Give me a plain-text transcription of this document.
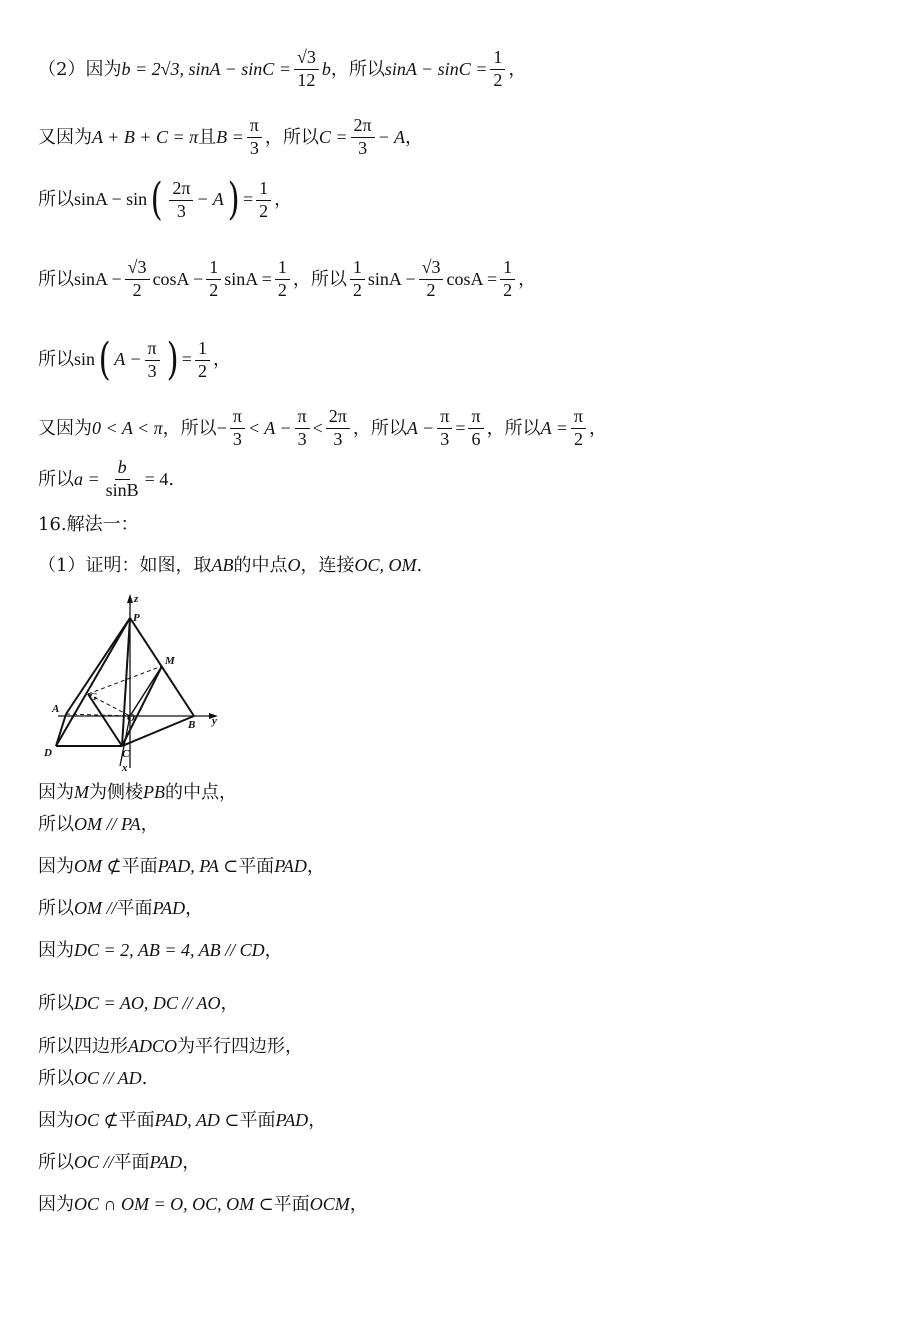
（2）因为 b = 2√3, $\sin A - \sin C = \frac{√3}{12}$ b ，所以 $\sin A - \sin C = \frac{1}{2}$ ，
又因为 A + B + C = π 且 $B = \frac{\pi}{3}$ ，所以 $C = \frac{2\pi}{3} - A$ ，
所以 sinA − sin ( $\frac{2\pi}{3} - A$ ) = $\frac{1}{2}$ ，
所以 $\sin A - \frac{√3}{2}$ $\cos A - \frac{1}{2}$ $\sin A = \frac{1}{2}$ ，所以 $\frac{1}{2}$ $\sin A - \frac{√3}{2}$ $\cos A = \frac{1}{2}$ ，
所以 sin ( $A - \frac{\pi}{3}$ ) = $\frac{1}{2}$ ，
又因为 0 < A < π ，所以 − $\frac{\pi}{3} < A - \frac{\pi}{3} < \frac{2\pi}{3}$ ，所以 $A - \frac{\pi}{3} = \frac{\pi}{6}$ ，所以 $A = \frac{\pi}{2}$ ，
所以 $a = \frac{b}{\sin B} = 4$ .
16.解法一：
（1）证明：如图，取 AB 的中点 O ，连接 OC, OM .
z
P
M
G
A
O
B y
D	C
x
因为 M 为侧棱 PB 的中点，
所以 OM // PA ，
因为 OM ⊄ 平面 PAD, PA ⊂ 平面 PAD ，
所以 OM // 平面 PAD ，
因为 DC = 2, AB = 4, AB // CD ，
所以 DC = AO, DC // AO ，
所以四边形 ADCO 为平行四边形，
所以 OC // AD .
因为 OC ⊄ 平面 PAD, AD ⊂ 平面 PAD ，
所以 OC // 平面 PAD ，
因为 OC ∩ OM = O, OC, OM ⊂ 平面 OCM ，
